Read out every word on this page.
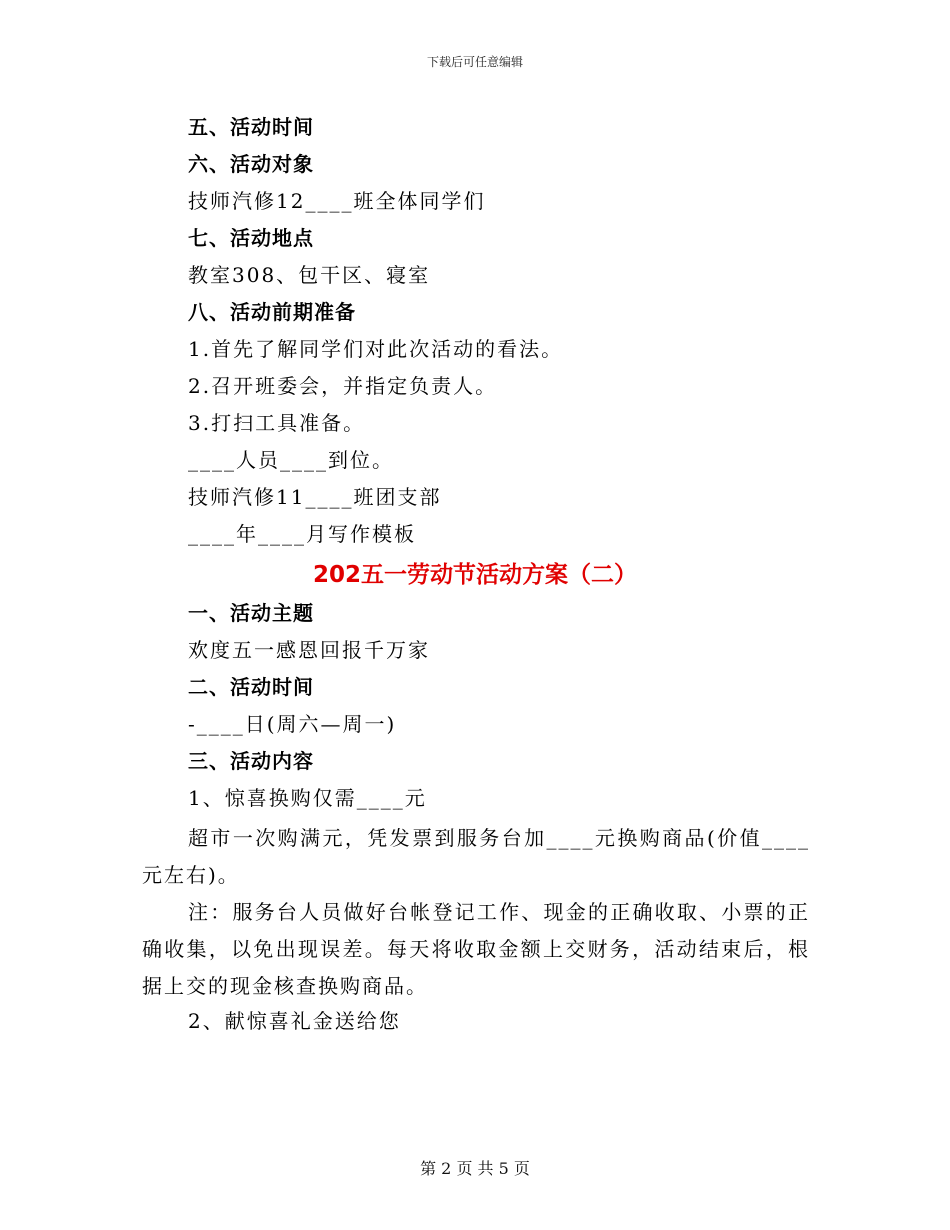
下载后可任意编辑
五、活动时间
六、活动对象
技师汽修12____班全体同学们
七、活动地点
教室308、包干区、寝室
八、活动前期准备
1.首先了解同学们对此次活动的看法。
2.召开班委会，并指定负责人。
3.打扫工具准备。
____人员____到位。
技师汽修11____班团支部
____年____月写作模板
202五一劳动节活动方案（二）
一、活动主题
欢度五一感恩回报千万家
二、活动时间
-____日(周六—周一)
三、活动内容
1、惊喜换购仅需____元
超市一次购满元，凭发票到服务台加____元换购商品(价值____元左右)。
注：服务台人员做好台帐登记工作、现金的正确收取、小票的正确收集，以免出现误差。每天将收取金额上交财务，活动结束后，根据上交的现金核查换购商品。
2、献惊喜礼金送给您
第 2 页 共 5 页
